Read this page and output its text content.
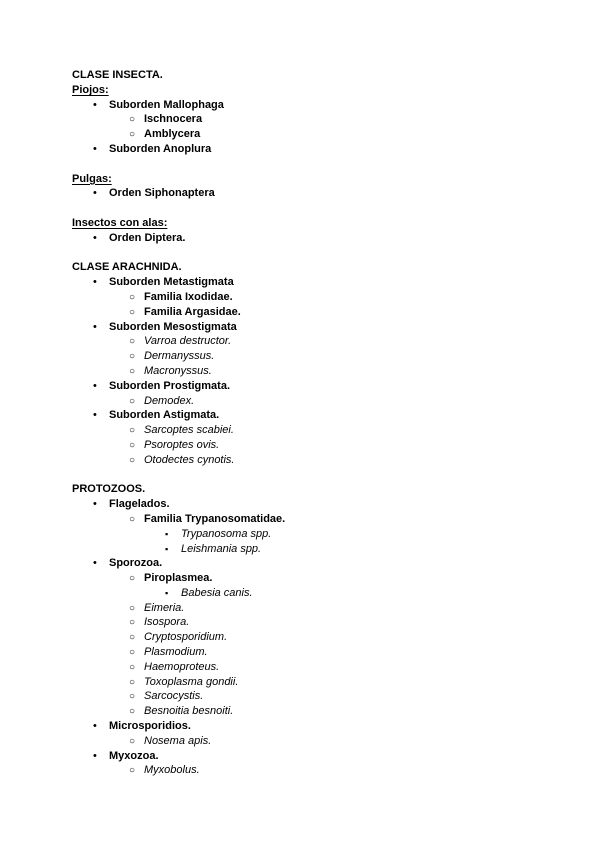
CLASE INSECTA.
Piojos:
•	Suborden Mallophaga
○ Ischnocera
○ Amblycera
•	Suborden Anoplura
Pulgas:
•	Orden Siphonaptera
Insectos con alas:
•	Orden Diptera.
CLASE ARACHNIDA.
•	Suborden Metastigmata
○ Familia Ixodidae.
○ Familia Argasidae.
•	Suborden Mesostigmata
○ Varroa destructor.
○ Dermanyssus.
○ Macronyssus.
•	Suborden Prostigmata.
○ Demodex.
•	Suborden Astigmata.
○ Sarcoptes scabiei.
○ Psoroptes ovis.
○ Otodectes cynotis.
PROTOZOOS.
•	Flagelados.
○ Familia Trypanosomatidae.
▪	Trypanosoma spp.
▪	Leishmania spp.
•	Sporozoa.
○ Piroplasmea.
▪	Babesia canis.
○ Eimeria.
○ Isospora.
○ Cryptosporidium.
○ Plasmodium.
○ Haemoproteus.
○ Toxoplasma gondii.
○ Sarcocystis.
○ Besnoitia besnoiti.
•	Microsporidios.
○ Nosema apis.
•	Myxozoa.
○ Myxobolus.
